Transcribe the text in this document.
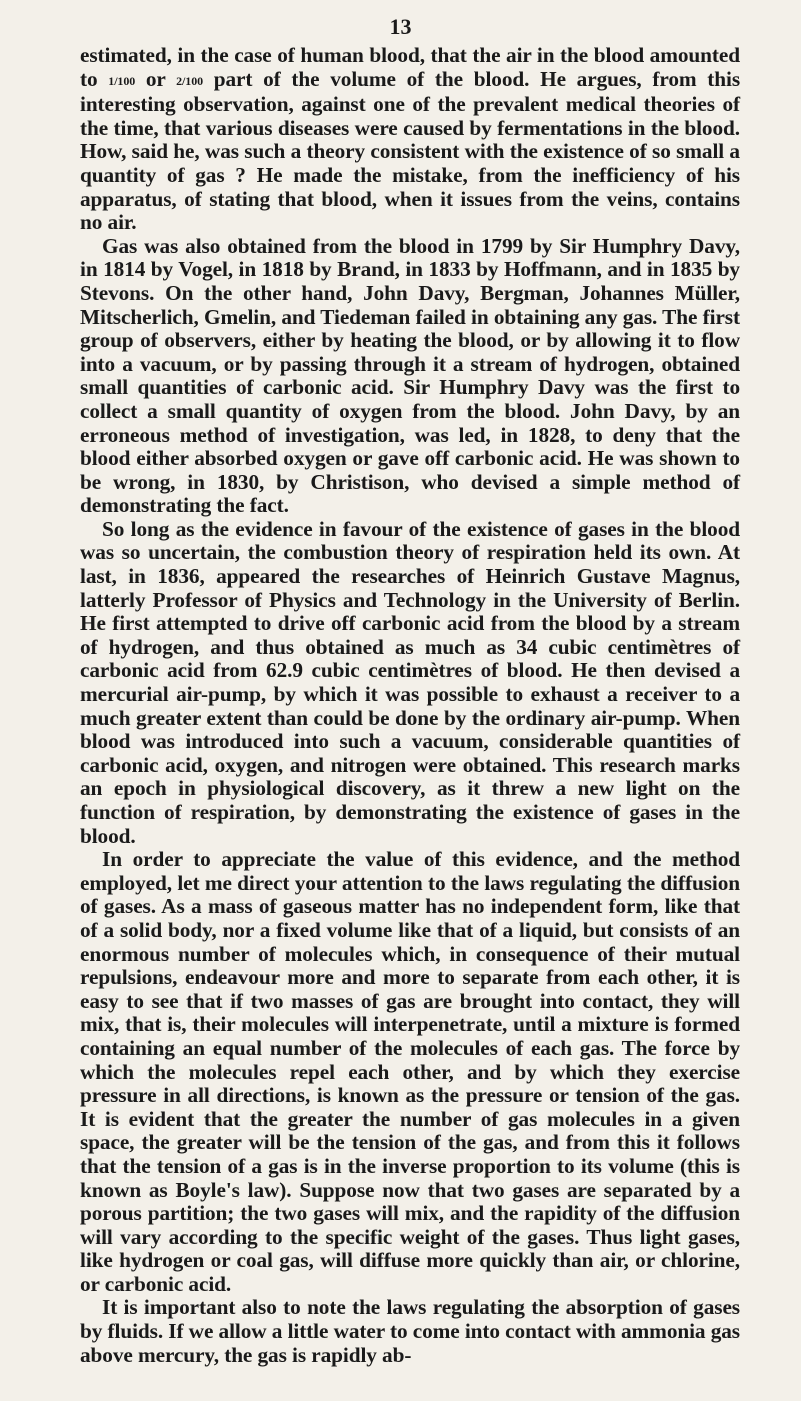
13

estimated, in the case of human blood, that the air in the blood amounted to 1/100 or 2/100 part of the volume of the blood. He argues, from this interesting observation, against one of the prevalent medical theories of the time, that various diseases were caused by fermentations in the blood. How, said he, was such a theory consistent with the existence of so small a quantity of gas ? He made the mistake, from the inefficiency of his apparatus, of stating that blood, when it issues from the veins, contains no air.

Gas was also obtained from the blood in 1799 by Sir Humphry Davy, in 1814 by Vogel, in 1818 by Brand, in 1833 by Hoffmann, and in 1835 by Stevons. On the other hand, John Davy, Bergman, Johannes Müller, Mitscherlich, Gmelin, and Tiedeman failed in obtaining any gas. The first group of observers, either by heating the blood, or by allowing it to flow into a vacuum, or by passing through it a stream of hydrogen, obtained small quantities of carbonic acid. Sir Humphry Davy was the first to collect a small quantity of oxygen from the blood. John Davy, by an erroneous method of investigation, was led, in 1828, to deny that the blood either absorbed oxygen or gave off carbonic acid. He was shown to be wrong, in 1830, by Christison, who devised a simple method of demonstrating the fact.

So long as the evidence in favour of the existence of gases in the blood was so uncertain, the combustion theory of respiration held its own. At last, in 1836, appeared the researches of Heinrich Gustave Magnus, latterly Professor of Physics and Technology in the University of Berlin. He first attempted to drive off carbonic acid from the blood by a stream of hydrogen, and thus obtained as much as 34 cubic centimètres of carbonic acid from 62.9 cubic centimètres of blood. He then devised a mercurial air-pump, by which it was possible to exhaust a receiver to a much greater extent than could be done by the ordinary air-pump. When blood was introduced into such a vacuum, considerable quantities of carbonic acid, oxygen, and nitrogen were obtained. This research marks an epoch in physiological discovery, as it threw a new light on the function of respiration, by demonstrating the existence of gases in the blood.

In order to appreciate the value of this evidence, and the method employed, let me direct your attention to the laws regulating the diffusion of gases. As a mass of gaseous matter has no independent form, like that of a solid body, nor a fixed volume like that of a liquid, but consists of an enormous number of molecules which, in consequence of their mutual repulsions, endeavour more and more to separate from each other, it is easy to see that if two masses of gas are brought into contact, they will mix, that is, their molecules will interpenetrate, until a mixture is formed containing an equal number of the molecules of each gas. The force by which the molecules repel each other, and by which they exercise pressure in all directions, is known as the pressure or tension of the gas. It is evident that the greater the number of gas molecules in a given space, the greater will be the tension of the gas, and from this it follows that the tension of a gas is in the inverse proportion to its volume (this is known as Boyle's law). Suppose now that two gases are separated by a porous partition; the two gases will mix, and the rapidity of the diffusion will vary according to the specific weight of the gases. Thus light gases, like hydrogen or coal gas, will diffuse more quickly than air, or chlorine, or carbonic acid.

It is important also to note the laws regulating the absorption of gases by fluids. If we allow a little water to come into contact with ammonia gas above mercury, the gas is rapidly ab-
